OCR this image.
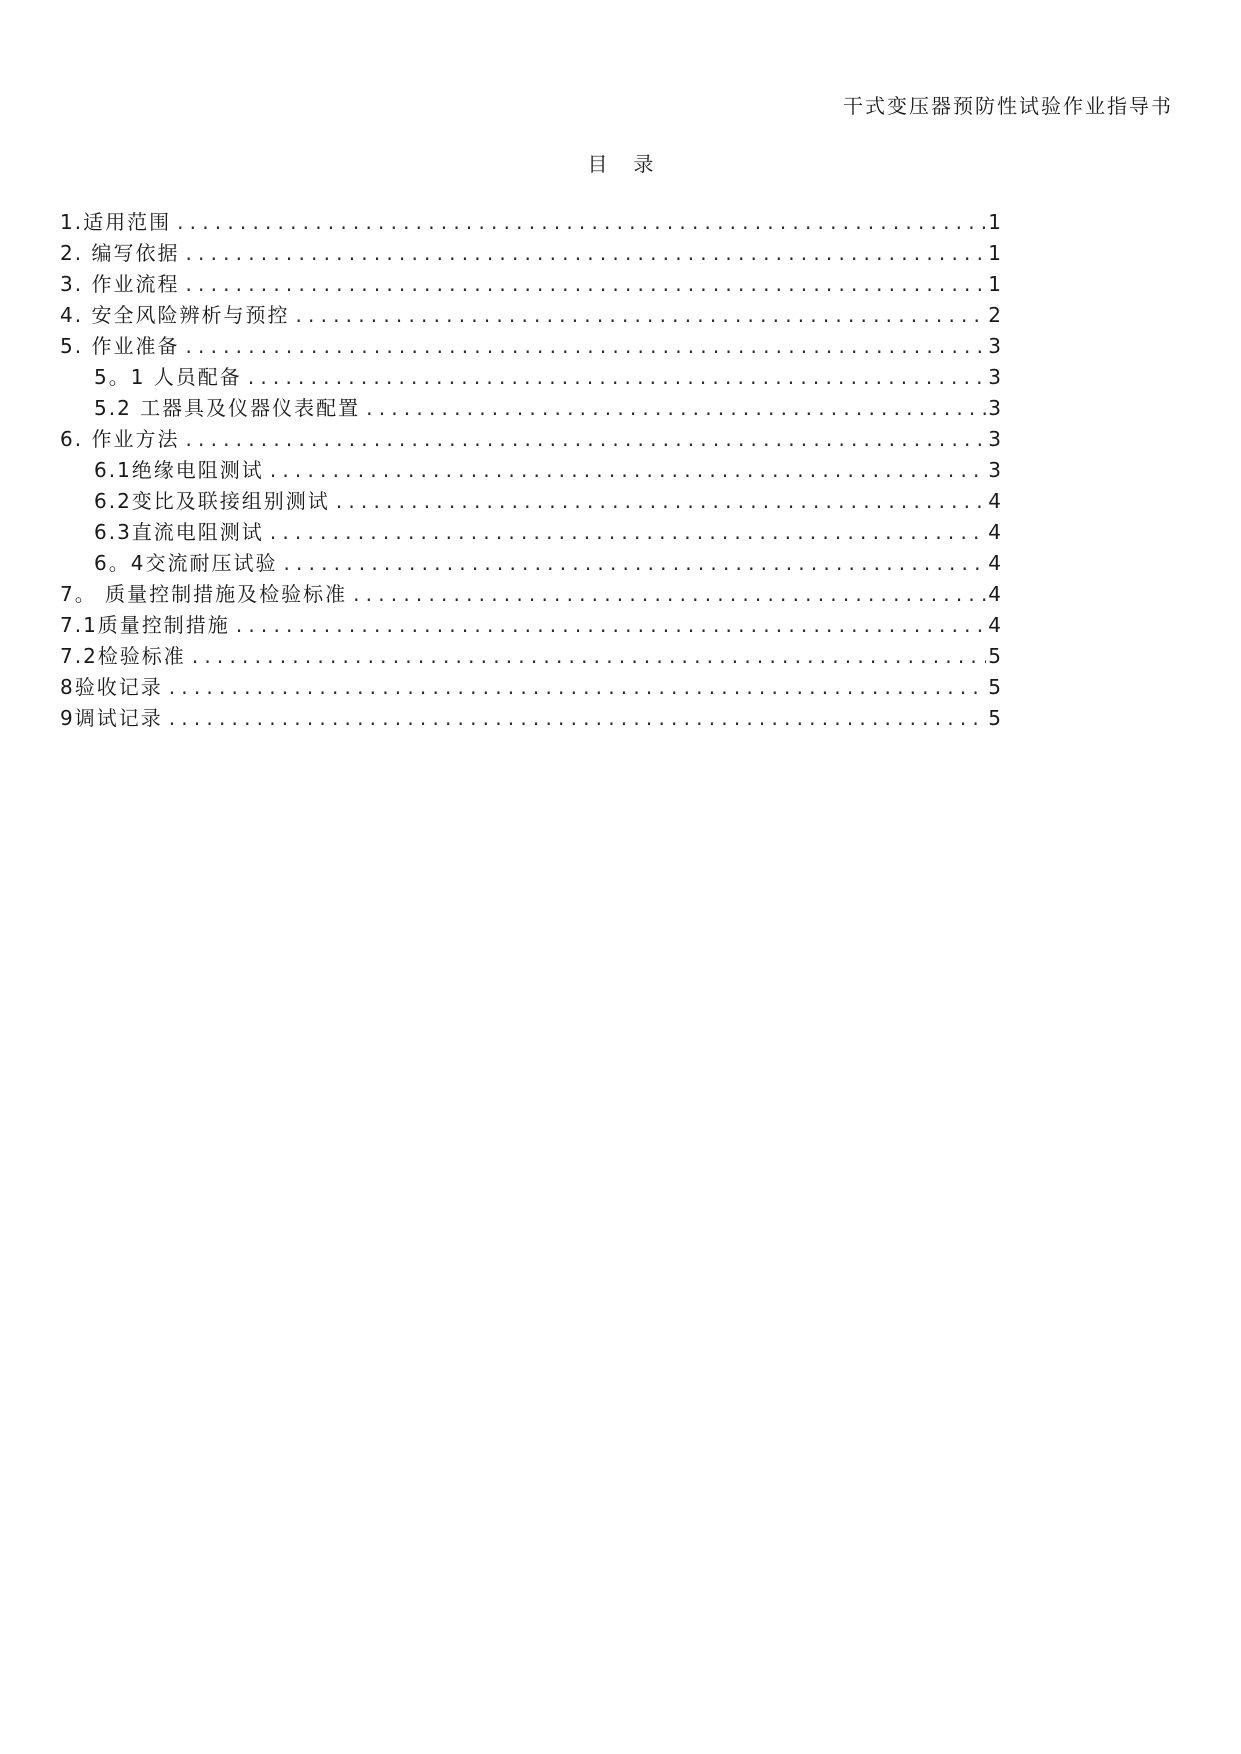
干式变压器预防性试验作业指导书
目录
1.适用范围 .....	1
2. 编写依据 .....	1
3. 作业流程 .....	1
4. 安全风险辨析与预控 .....	2
5. 作业准备 .....	3
5。1 人员配备 .....	3
5.2 工器具及仪器仪表配置 .....	3
6. 作业方法 .....	3
6.1绝缘电阻测试 .....	3
6.2变比及联接组别测试 .....	4
6.3直流电阻测试 .....	4
6。4交流耐压试验 .....	4
7。 质量控制措施及检验标准 .....	4
7.1质量控制措施 .....	4
7.2检验标准 .....	5
8验收记录 .....	5
9调试记录 .....	5
